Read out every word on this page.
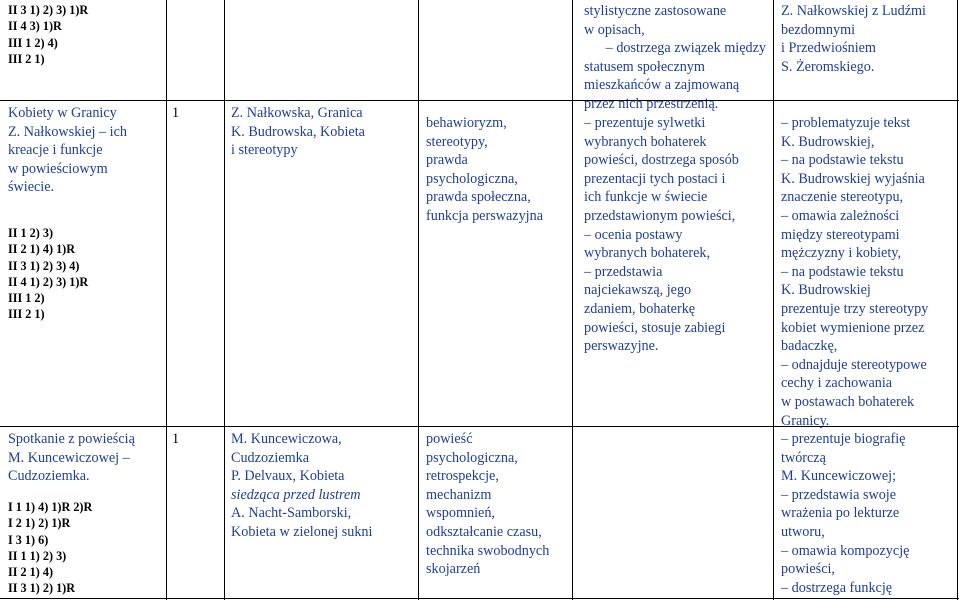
II 3 1) 2) 3) 1)R
II 4 3) 1)R
III 1 2) 4)
III 2 1)
stylistyczne zastosowane
w opisach,
– dostrzega związek między
statusem społecznym
mieszkańców a zajmowaną
przez nich przestrzenią.
Z. Nałkowskiej z Ludźmi
bezdomnymi
i Przedwiośniem
S. Żeromskiego.
Kobiety w Granicy
Z. Nałkowskiej – ich
kreacje i funkcje
w powieściowym
świecie.
II 1 2) 3)
II 2 1) 4) 1)R
II 3 1) 2) 3) 4)
II 4 1) 2) 3) 1)R
III 1 2)
III 2 1)
1	Z. Nałkowska, Granica
K. Budrowska, Kobieta
i stereotypy
behawioryzm,
stereotypy,
prawda
psychologiczna,
prawda społeczna,
funkcja perswazyjna
– prezentuje sylwetki
wybranych bohaterek
powieści, dostrzega sposób
prezentacji tych postaci i
ich funkcje w świecie
przedstawionym powieści,
– ocenia postawy
wybranych bohaterek,
– przedstawia
najciekawszą, jego
zdaniem, bohaterkę
powieści, stosuje zabiegi
perswazyjne.
– problematyzuje tekst
K. Budrowskiej,
– na podstawie tekstu
K. Budrowskiej wyjaśnia
znaczenie stereotypu,
– omawia zależności
między stereotypami
mężczyzny i kobiety,
– na podstawie tekstu
K. Budrowskiej
prezentuje trzy stereotypy
kobiet wymienione przez
badaczkę,
– odnajduje stereotypowe
cechy i zachowania
w postawach bohaterek
Granicy.
Spotkanie z powieścią
M. Kuncewiczowej –
Cudzoziemka.
I 1 1) 4) 1)R 2)R
I 2 1) 2) 1)R
I 3 1) 6)
II 1 1) 2) 3)
II 2 1) 4)
II 3 1) 2) 1)R
1	M. Kuncewiczowa,
Cudzoziemka
P. Delvaux, Kobieta
siedząca przed lustrem
A. Nacht-Samborski,
Kobieta w zielonej sukni
powieść
psychologiczna,
retrospekcje,
mechanizm
wspomnień,
odkształcanie czasu,
technika swobodnych
skojarzeń
– prezentuje biografię
twórczą
M. Kuncewiczowej;
– przedstawia swoje
wrażenia po lekturze
utworu,
– omawia kompozycję
powieści,
– dostrzega funkcję
